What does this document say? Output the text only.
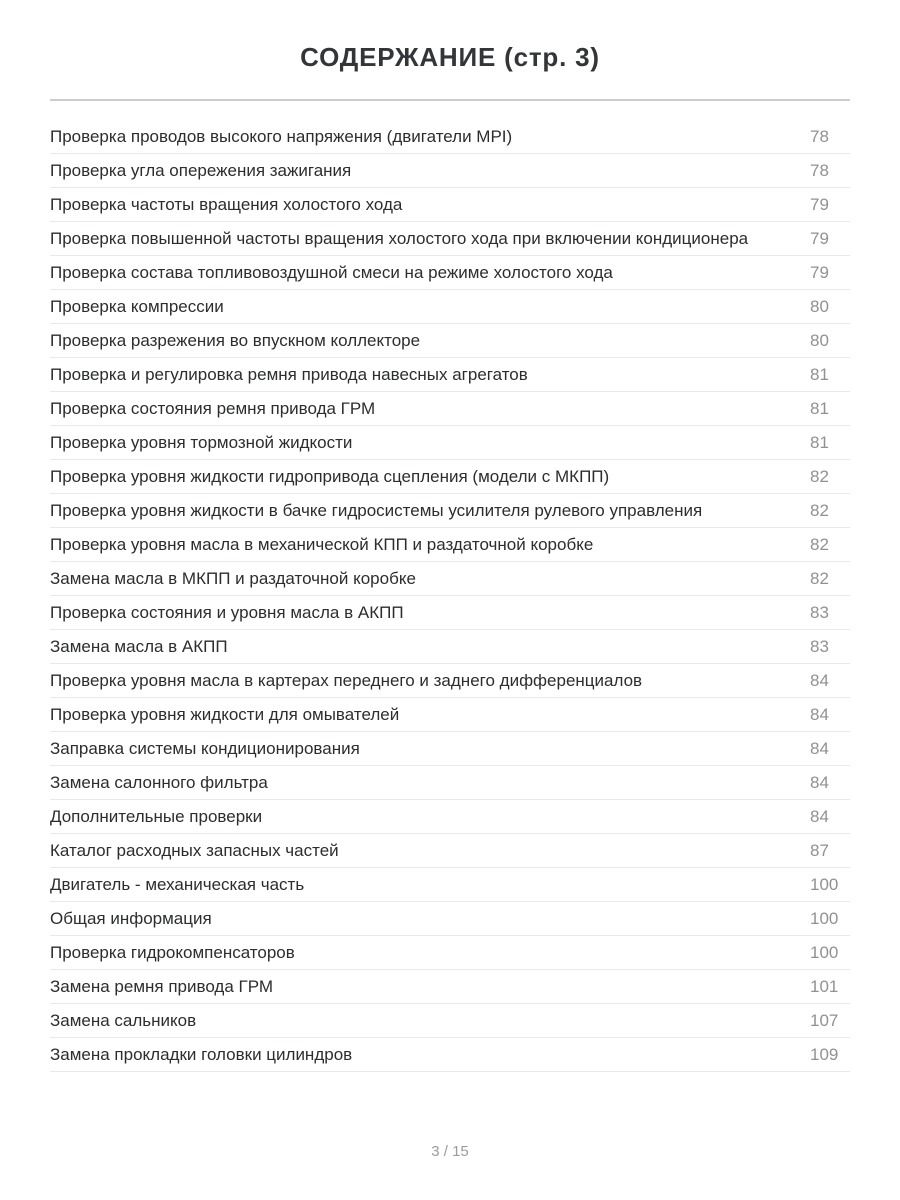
СОДЕРЖАНИЕ (стр. 3)
Проверка проводов высокого напряжения (двигатели MPI)	78
Проверка угла опережения зажигания	78
Проверка частоты вращения холостого хода	79
Проверка повышенной частоты вращения холостого хода при включении кондиционера	79
Проверка состава топливовоздушной смеси на режиме холостого хода	79
Проверка компрессии	80
Проверка разрежения во впускном коллекторе	80
Проверка и регулировка ремня привода навесных агрегатов	81
Проверка состояния ремня привода ГРМ	81
Проверка уровня тормозной жидкости	81
Проверка уровня жидкости гидропривода сцепления (модели с МКПП)	82
Проверка уровня жидкости в бачке гидросистемы усилителя рулевого управления	82
Проверка уровня масла в механической КПП и раздаточной коробке	82
Замена масла в МКПП и раздаточной коробке	82
Проверка состояния и уровня масла в АКПП	83
Замена масла в АКПП	83
Проверка уровня масла в картерах переднего и заднего дифференциалов	84
Проверка уровня жидкости для омывателей	84
Заправка системы кондиционирования	84
Замена салонного фильтра	84
Дополнительные проверки	84
Каталог расходных запасных частей	87
Двигатель - механическая часть	100
Общая информация	100
Проверка гидрокомпенсаторов	100
Замена ремня привода ГРМ	101
Замена сальников	107
Замена прокладки головки цилиндров	109
3 / 15
